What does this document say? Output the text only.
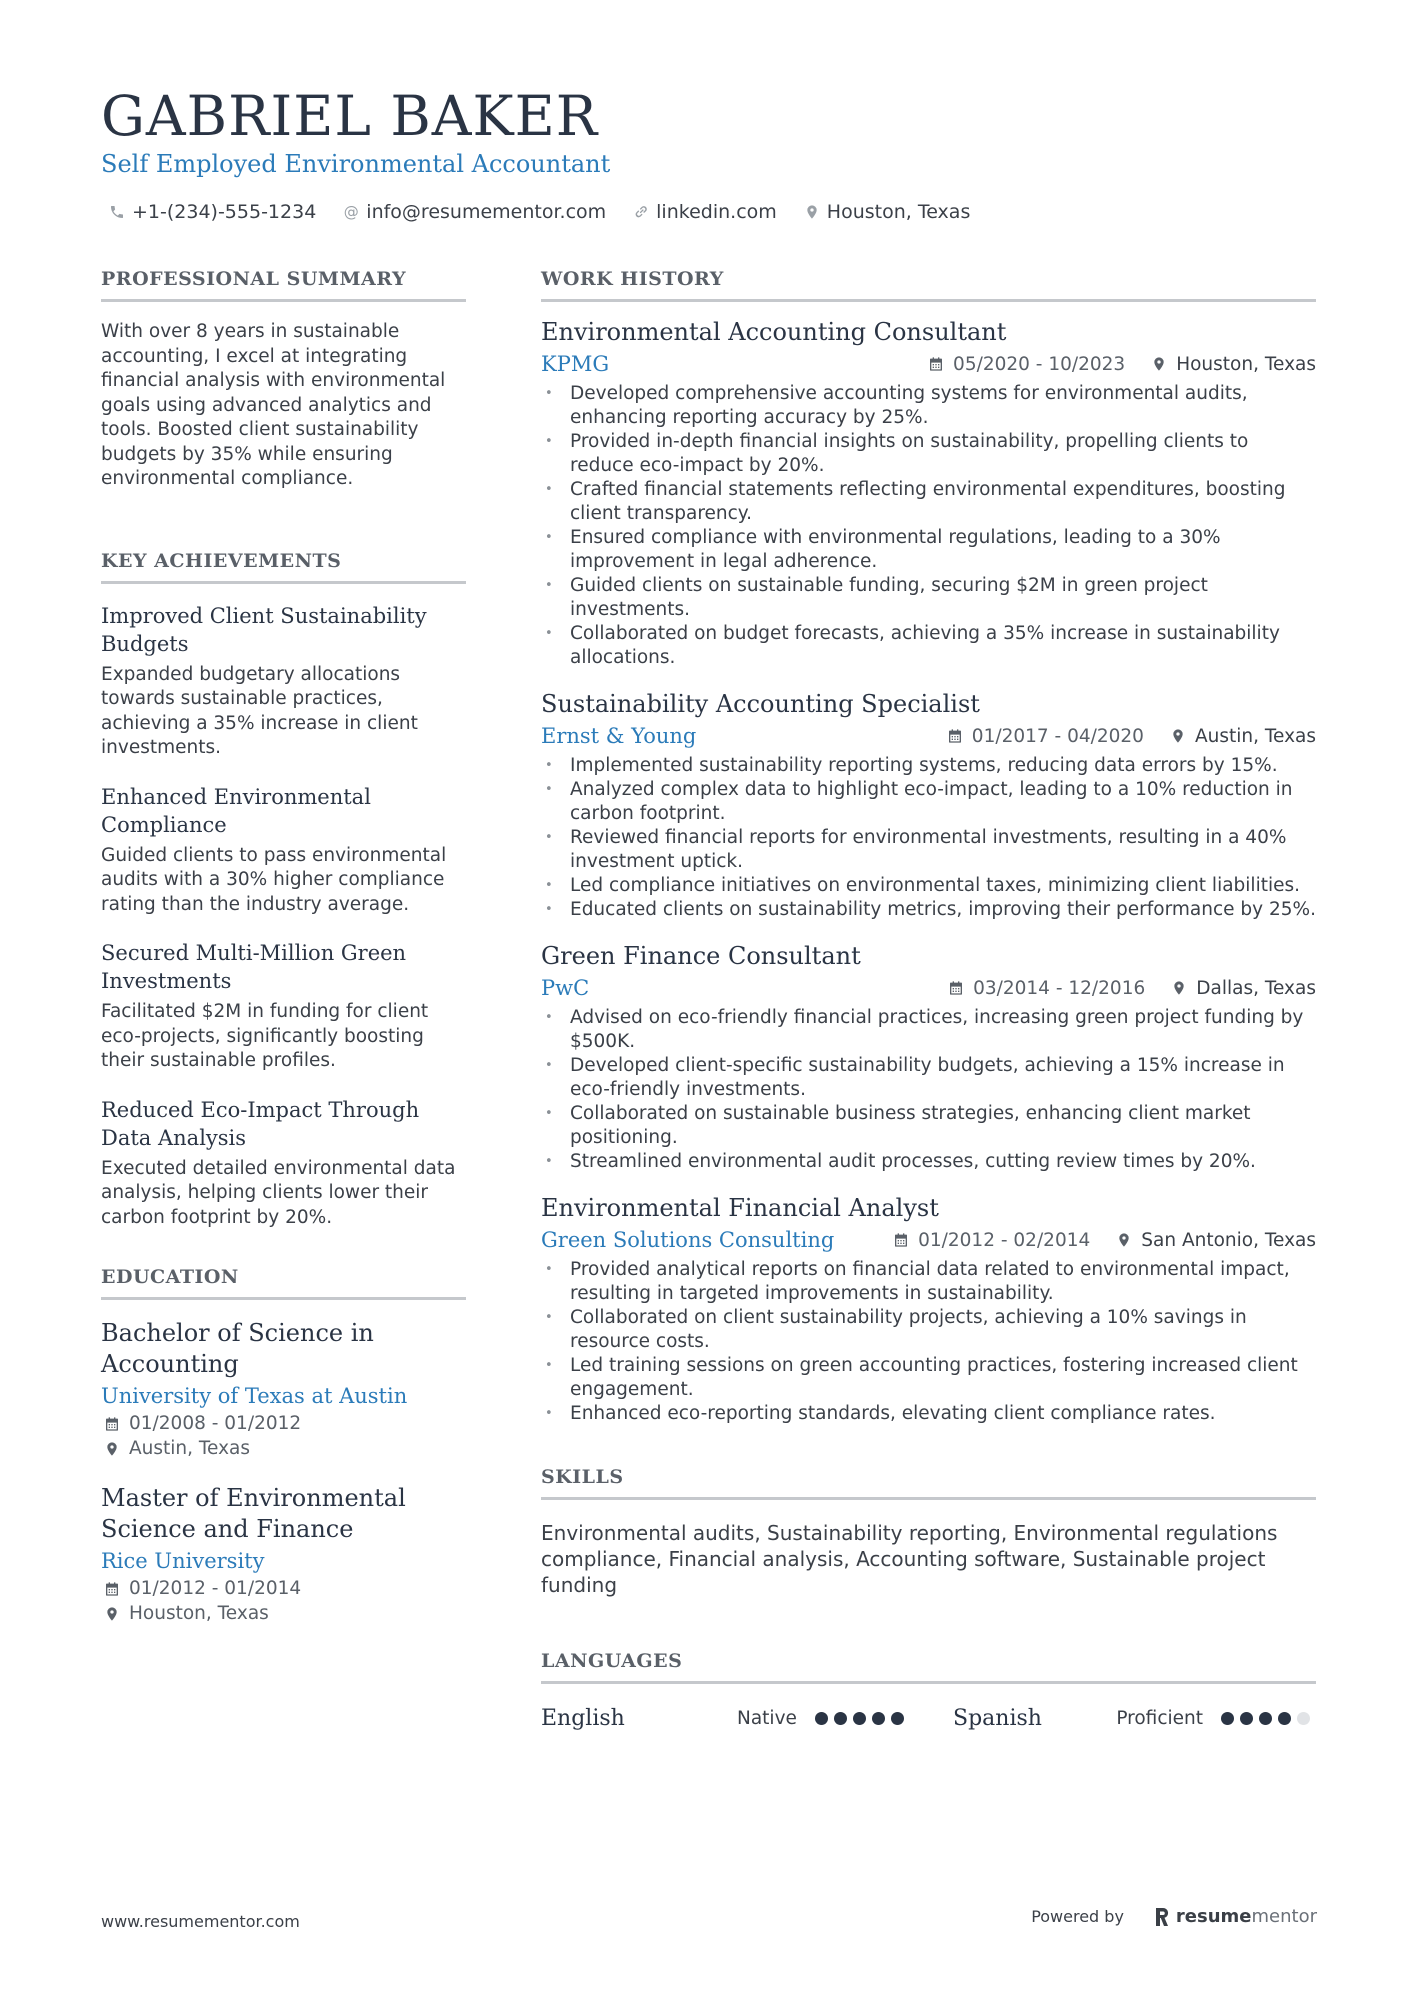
GABRIEL BAKER
Self Employed Environmental Accountant
+1-(234)-555-1234 @ info@resumementor.com	linkedin.com	Houston, Texas
PROFESSIONAL SUMMARY

With over 8 years in sustainable accounting, I excel at integrating financial analysis with environmental goals using advanced analytics and tools. Boosted client sustainability budgets by 35% while ensuring environmental compliance.

KEY ACHIEVEMENTS
Improved Client Sustainability Budgets
Expanded budgetary allocations towards sustainable practices, achieving a 35% increase in client investments.
Enhanced Environmental Compliance
Guided clients to pass environmental audits with a 30% higher compliance rating than the industry average.
Secured Multi-Million Green Investments
Facilitated $2M in funding for client eco-projects, significantly boosting their sustainable profiles.
Reduced Eco-Impact Through Data Analysis
Executed detailed environmental data analysis, helping clients lower their carbon footprint by 20%.
EDUCATION
Bachelor of Science in Accounting
University of Texas at Austin
01/2008 - 01/2012
Austin, Texas
Master of Environmental Science and Finance
Rice University
01/2012 - 01/2014
Houston, Texas
WORK HISTORY
Environmental Accounting Consultant
KPMG	05/2020 - 10/2023	Houston, Texas
• Developed comprehensive accounting systems for environmental audits, enhancing reporting accuracy by 25%.
• Provided in-depth financial insights on sustainability, propelling clients to reduce eco-impact by 20%.
• Crafted financial statements reflecting environmental expenditures, boosting client transparency.
• Ensured compliance with environmental regulations, leading to a 30% improvement in legal adherence.
• Guided clients on sustainable funding, securing $2M in green project investments.
• Collaborated on budget forecasts, achieving a 35% increase in sustainability allocations.
Sustainability Accounting Specialist
Ernst & Young	01/2017 - 04/2020	Austin, Texas
• Implemented sustainability reporting systems, reducing data errors by 15%.
• Analyzed complex data to highlight eco-impact, leading to a 10% reduction in carbon footprint.
• Reviewed financial reports for environmental investments, resulting in a 40% investment uptick.
• Led compliance initiatives on environmental taxes, minimizing client liabilities.
• Educated clients on sustainability metrics, improving their performance by 25%.
Green Finance Consultant
PwC	03/2014 - 12/2016	Dallas, Texas
• Advised on eco-friendly financial practices, increasing green project funding by $500K.
• Developed client-specific sustainability budgets, achieving a 15% increase in eco-friendly investments.
• Collaborated on sustainable business strategies, enhancing client market positioning.
• Streamlined environmental audit processes, cutting review times by 20%.
Environmental Financial Analyst
Green Solutions Consulting	01/2012 - 02/2014	San Antonio, Texas
• Provided analytical reports on financial data related to environmental impact, resulting in targeted improvements in sustainability.
• Collaborated on client sustainability projects, achieving a 10% savings in resource costs.
• Led training sessions on green accounting practices, fostering increased client engagement.
• Enhanced eco-reporting standards, elevating client compliance rates.
SKILLS

Environmental audits, Sustainability reporting, Environmental regulations compliance, Financial analysis, Accounting software, Sustainable project funding

LANGUAGES
English	Native	Spanish	Proficient
www.resumementor.com	Powered by	resume mentor
